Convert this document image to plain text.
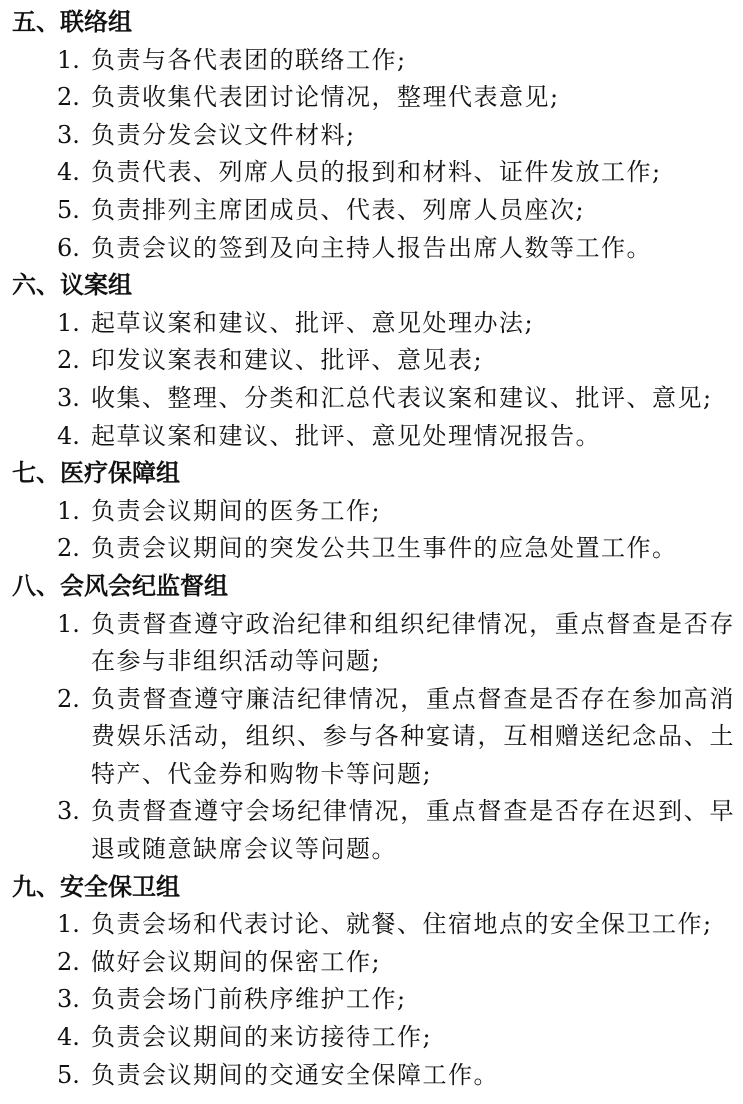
五、联络组
1. 负责与各代表团的联络工作;
2. 负责收集代表团讨论情况，整理代表意见;
3. 负责分发会议文件材料;
4. 负责代表、列席人员的报到和材料、证件发放工作;
5. 负责排列主席团成员、代表、列席人员座次;
6. 负责会议的签到及向主持人报告出席人数等工作。
六、议案组
1. 起草议案和建议、批评、意见处理办法;
2. 印发议案表和建议、批评、意见表;
3. 收集、整理、分类和汇总代表议案和建议、批评、意见;
4. 起草议案和建议、批评、意见处理情况报告。
七、医疗保障组
1. 负责会议期间的医务工作;
2. 负责会议期间的突发公共卫生事件的应急处置工作。
八、会风会纪监督组
1. 负责督查遵守政治纪律和组织纪律情况，重点督查是否存在参与非组织活动等问题;
2. 负责督查遵守廉洁纪律情况，重点督查是否存在参加高消费娱乐活动，组织、参与各种宴请，互相赠送纪念品、土特产、代金券和购物卡等问题;
3. 负责督查遵守会场纪律情况，重点督查是否存在迟到、早退或随意缺席会议等问题。
九、安全保卫组
1. 负责会场和代表讨论、就餐、住宿地点的安全保卫工作;
2. 做好会议期间的保密工作;
3. 负责会场门前秩序维护工作;
4. 负责会议期间的来访接待工作;
5. 负责会议期间的交通安全保障工作。
